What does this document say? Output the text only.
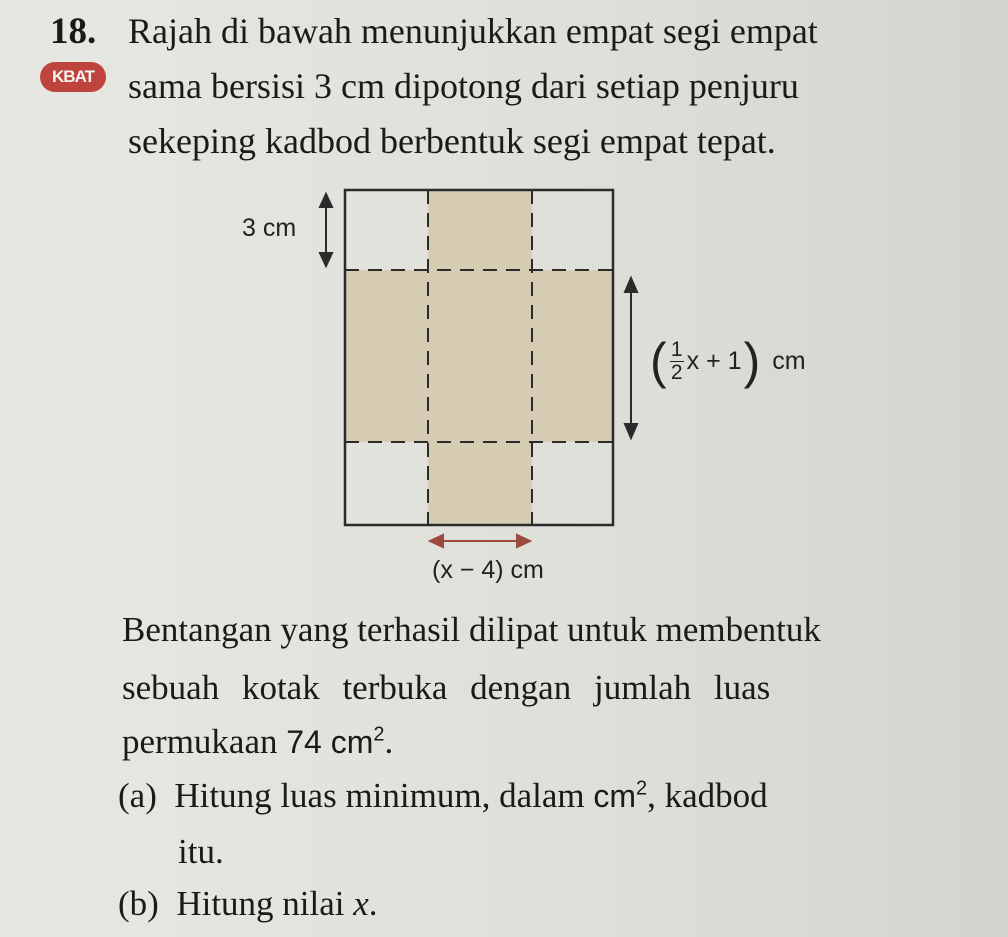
18.
KBAT
Rajah di bawah menunjukkan empat segi empat
sama bersisi 3 cm dipotong dari setiap penjuru
sekeping kadbod berbentuk segi empat tepat.
3 cm
( 1
2 x + 1 ) cm
(x − 4) cm
Bentangan yang terhasil dilipat untuk membentuk
sebuah kotak terbuka dengan jumlah luas
permukaan 74 $cm^2$.
(a) Hitung luas minimum, dalam $cm^2$, kadbod
itu.
(b) Hitung nilai x.
